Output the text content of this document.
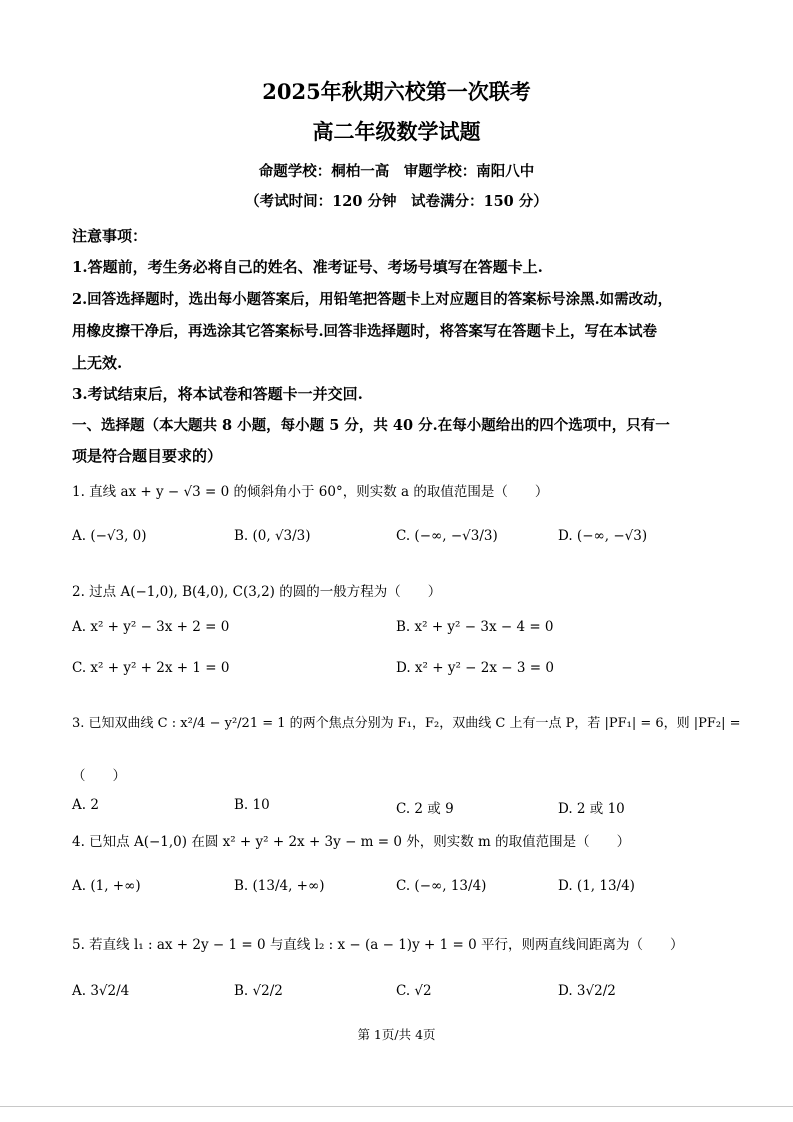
2025年秋期六校第一次联考
高二年级数学试题
命题学校：桐柏一高　审题学校：南阳八中
（考试时间：120 分钟　试卷满分：150 分）
注意事项：
1.答题前，考生务必将自己的姓名、准考证号、考场号填写在答题卡上.
2.回答选择题时，选出每小题答案后，用铅笔把答题卡上对应题目的答案标号涂黑.如需改动，
用橡皮擦干净后，再选涂其它答案标号.回答非选择题时，将答案写在答题卡上，写在本试卷
上无效.
3.考试结束后，将本试卷和答题卡一并交回.
一、选择题（本大题共 8 小题，每小题 5 分，共 40 分.在每小题给出的四个选项中，只有一
项是符合题目要求的）
1. 直线 ax + y − √3 = 0 的倾斜角小于 60°，则实数 a 的取值范围是（　　）
A. (−√3, 0)	B. (0, √3/3)	C. (−∞, −√3/3)	D. (−∞, −√3)
2. 过点 A(−1,0), B(4,0), C(3,2) 的圆的一般方程为（　　）
A. x² + y² − 3x + 2 = 0	B. x² + y² − 3x − 4 = 0
C. x² + y² + 2x + 1 = 0	D. x² + y² − 2x − 3 = 0
3. 已知双曲线 C : x²/4 − y²/21 = 1 的两个焦点分别为 F₁，F₂，双曲线 C 上有一点 P，若 |PF₁| = 6，则 |PF₂| =
（　　）
A. 2	B. 10	C. 2 或 9	D. 2 或 10
4. 已知点 A(−1,0) 在圆 x² + y² + 2x + 3y − m = 0 外，则实数 m 的取值范围是（　　）
A. (1, +∞)	B. (13/4, +∞)	C. (−∞, 13/4)	D. (1, 13/4)
5. 若直线 l₁ : ax + 2y − 1 = 0 与直线 l₂ : x − (a − 1)y + 1 = 0 平行，则两直线间距离为（　　）
A. 3√2/4	B. √2/2	C. √2	D. 3√2/2
第 1页/共 4页
